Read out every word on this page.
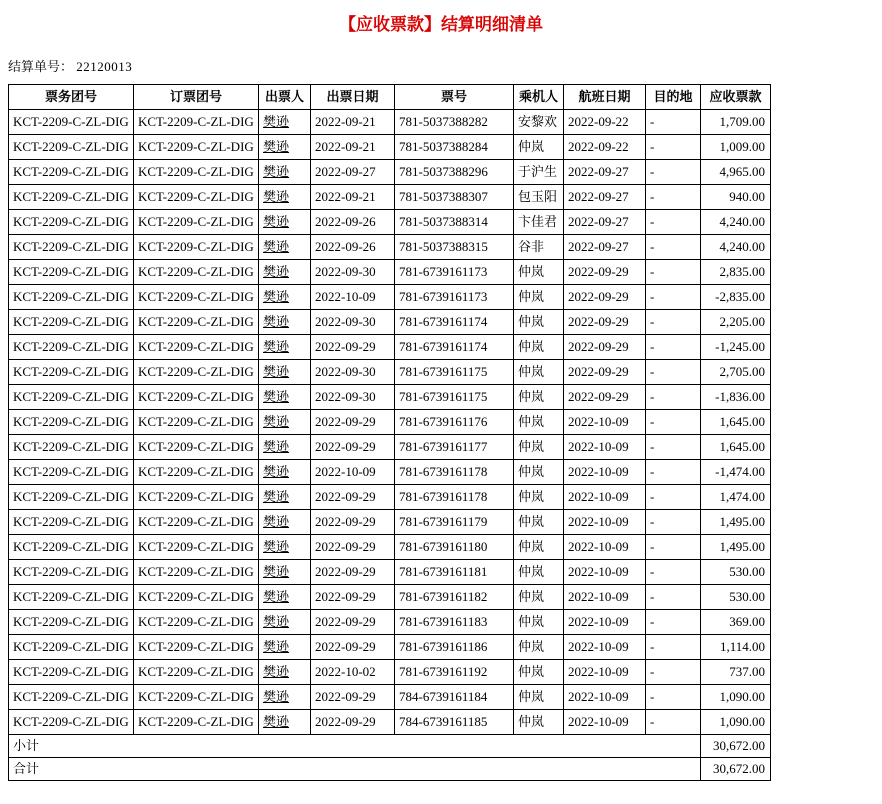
【应收票款】结算明细清单
结算单号： 22120013
票务团号	订票团号	出票人	出票日期	票号	乘机人	航班日期	目的地	应收票款
KCT-2209-C-ZL-DIG	KCT-2209-C-ZL-DIG	樊逊	2022-09-21	781-5037388282	安黎欢	2022-09-22	-	1,709.00
KCT-2209-C-ZL-DIG	KCT-2209-C-ZL-DIG	樊逊	2022-09-21	781-5037388284	仲岚	2022-09-22	-	1,009.00
KCT-2209-C-ZL-DIG	KCT-2209-C-ZL-DIG	樊逊	2022-09-27	781-5037388296	于沪生	2022-09-27	-	4,965.00
KCT-2209-C-ZL-DIG	KCT-2209-C-ZL-DIG	樊逊	2022-09-21	781-5037388307	包玉阳	2022-09-27	-	940.00
KCT-2209-C-ZL-DIG	KCT-2209-C-ZL-DIG	樊逊	2022-09-26	781-5037388314	卞佳君	2022-09-27	-	4,240.00
KCT-2209-C-ZL-DIG	KCT-2209-C-ZL-DIG	樊逊	2022-09-26	781-5037388315	谷非	2022-09-27	-	4,240.00
KCT-2209-C-ZL-DIG	KCT-2209-C-ZL-DIG	樊逊	2022-09-30	781-6739161173	仲岚	2022-09-29	-	2,835.00
KCT-2209-C-ZL-DIG	KCT-2209-C-ZL-DIG	樊逊	2022-10-09	781-6739161173	仲岚	2022-09-29	-	-2,835.00
KCT-2209-C-ZL-DIG	KCT-2209-C-ZL-DIG	樊逊	2022-09-30	781-6739161174	仲岚	2022-09-29	-	2,205.00
KCT-2209-C-ZL-DIG	KCT-2209-C-ZL-DIG	樊逊	2022-09-29	781-6739161174	仲岚	2022-09-29	-	-1,245.00
KCT-2209-C-ZL-DIG	KCT-2209-C-ZL-DIG	樊逊	2022-09-30	781-6739161175	仲岚	2022-09-29	-	2,705.00
KCT-2209-C-ZL-DIG	KCT-2209-C-ZL-DIG	樊逊	2022-09-30	781-6739161175	仲岚	2022-09-29	-	-1,836.00
KCT-2209-C-ZL-DIG	KCT-2209-C-ZL-DIG	樊逊	2022-09-29	781-6739161176	仲岚	2022-10-09	-	1,645.00
KCT-2209-C-ZL-DIG	KCT-2209-C-ZL-DIG	樊逊	2022-09-29	781-6739161177	仲岚	2022-10-09	-	1,645.00
KCT-2209-C-ZL-DIG	KCT-2209-C-ZL-DIG	樊逊	2022-10-09	781-6739161178	仲岚	2022-10-09	-	-1,474.00
KCT-2209-C-ZL-DIG	KCT-2209-C-ZL-DIG	樊逊	2022-09-29	781-6739161178	仲岚	2022-10-09	-	1,474.00
KCT-2209-C-ZL-DIG	KCT-2209-C-ZL-DIG	樊逊	2022-09-29	781-6739161179	仲岚	2022-10-09	-	1,495.00
KCT-2209-C-ZL-DIG	KCT-2209-C-ZL-DIG	樊逊	2022-09-29	781-6739161180	仲岚	2022-10-09	-	1,495.00
KCT-2209-C-ZL-DIG	KCT-2209-C-ZL-DIG	樊逊	2022-09-29	781-6739161181	仲岚	2022-10-09	-	530.00
KCT-2209-C-ZL-DIG	KCT-2209-C-ZL-DIG	樊逊	2022-09-29	781-6739161182	仲岚	2022-10-09	-	530.00
KCT-2209-C-ZL-DIG	KCT-2209-C-ZL-DIG	樊逊	2022-09-29	781-6739161183	仲岚	2022-10-09	-	369.00
KCT-2209-C-ZL-DIG	KCT-2209-C-ZL-DIG	樊逊	2022-09-29	781-6739161186	仲岚	2022-10-09	-	1,114.00
KCT-2209-C-ZL-DIG	KCT-2209-C-ZL-DIG	樊逊	2022-10-02	781-6739161192	仲岚	2022-10-09	-	737.00
KCT-2209-C-ZL-DIG	KCT-2209-C-ZL-DIG	樊逊	2022-09-29	784-6739161184	仲岚	2022-10-09	-	1,090.00
KCT-2209-C-ZL-DIG	KCT-2209-C-ZL-DIG	樊逊	2022-09-29	784-6739161185	仲岚	2022-10-09	-	1,090.00
小计								30,672.00
合计								30,672.00
